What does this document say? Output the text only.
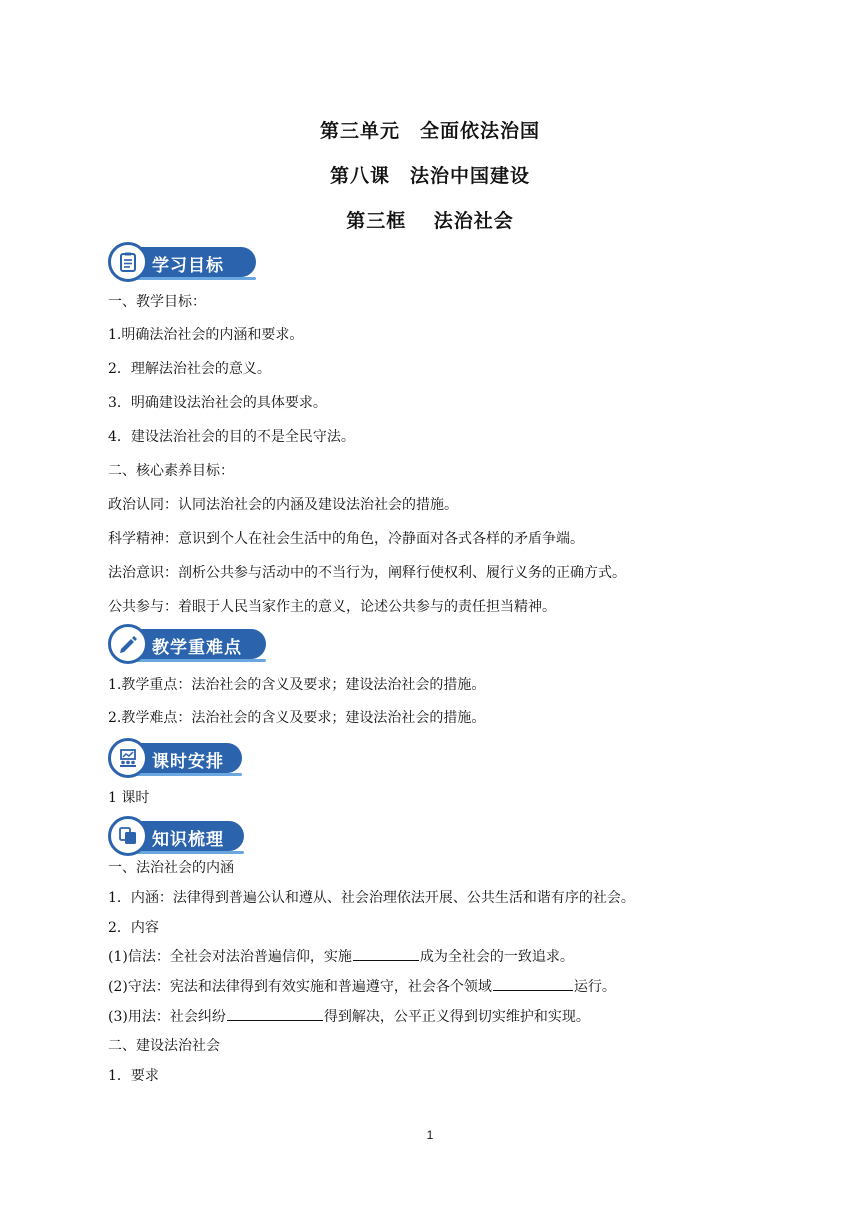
第三单元　全面依法治国
第八课　法治中国建设
第三框　 法治社会
学习目标
一、教学目标：
1.明确法治社会的内涵和要求。
2．理解法治社会的意义。
3．明确建设法治社会的具体要求。
4．建设法治社会的目的不是全民守法。
二、核心素养目标：
政治认同：认同法治社会的内涵及建设法治社会的措施。
科学精神：意识到个人在社会生活中的角色，冷静面对各式各样的矛盾争端。
法治意识：剖析公共参与活动中的不当行为，阐释行使权利、履行义务的正确方式。
公共参与：着眼于人民当家作主的意义，论述公共参与的责任担当精神。
教学重难点
1.教学重点：法治社会的含义及要求；建设法治社会的措施。
2.教学难点：法治社会的含义及要求；建设法治社会的措施。
课时安排
1 课时
知识梳理
一、法治社会的内涵
1．内涵：法律得到普遍公认和遵从、社会治理依法开展、公共生活和谐有序的社会。
2．内容
(1)信法：全社会对法治普遍信仰，实施	成为全社会的一致追求。
(2)守法：宪法和法律得到有效实施和普遍遵守，社会各个领域	运行。
(3)用法：社会纠纷	得到解决，公平正义得到切实维护和实现。
二、建设法治社会
1．要求
1
